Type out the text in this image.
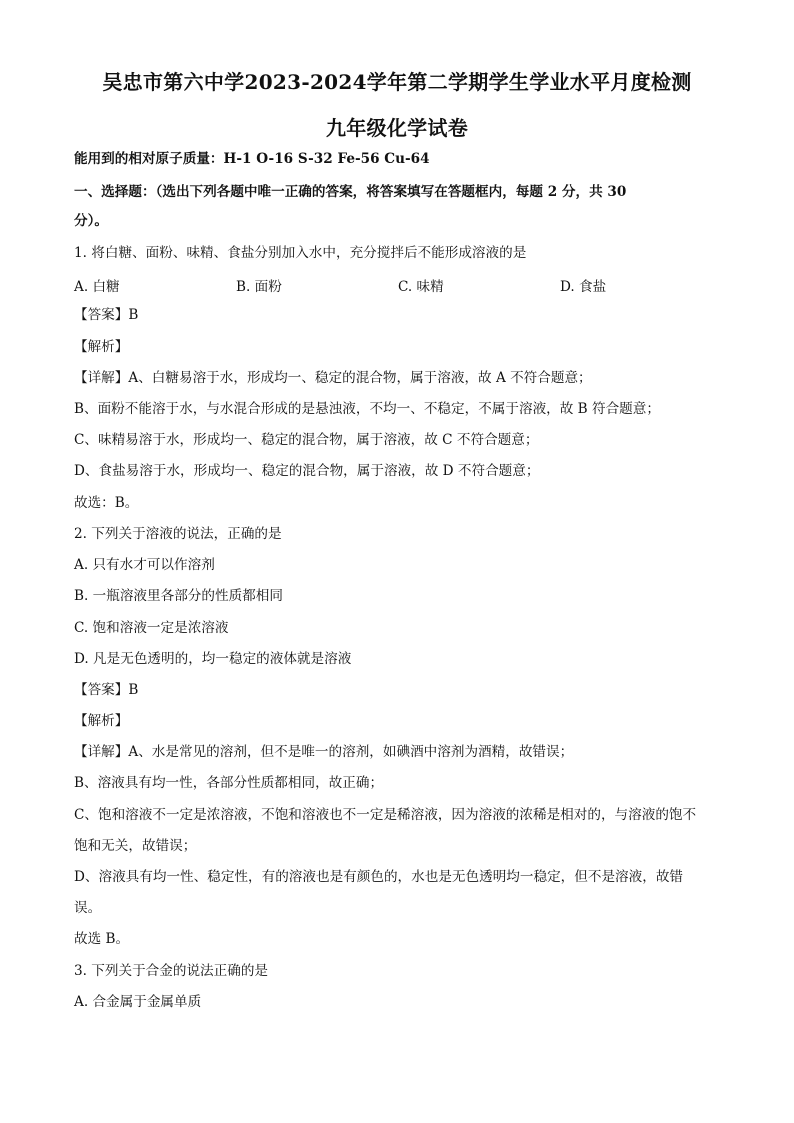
吴忠市第六中学2023-2024学年第二学期学生学业水平月度检测
九年级化学试卷
能用到的相对原子质量：H-1 O-16 S-32 Fe-56 Cu-64
一、选择题：（选出下列各题中唯一正确的答案，将答案填写在答题框内，每题 2 分，共 30
分）。
1. 将白糖、面粉、味精、食盐分别加入水中，充分搅拌后不能形成溶液的是
A. 白糖	B. 面粉	C. 味精	D. 食盐
【答案】B
【解析】
【详解】A、白糖易溶于水，形成均一、稳定的混合物，属于溶液，故 A 不符合题意；
B、面粉不能溶于水，与水混合形成的是悬浊液，不均一、不稳定，不属于溶液，故 B 符合题意；
C、味精易溶于水，形成均一、稳定的混合物，属于溶液，故 C 不符合题意；
D、食盐易溶于水，形成均一、稳定的混合物，属于溶液，故 D 不符合题意；
故选：B。
2. 下列关于溶液的说法，正确的是
A. 只有水才可以作溶剂
B. 一瓶溶液里各部分的性质都相同
C. 饱和溶液一定是浓溶液
D. 凡是无色透明的，均一稳定的液体就是溶液
【答案】B
【解析】
【详解】A、水是常见的溶剂，但不是唯一的溶剂，如碘酒中溶剂为酒精，故错误；
B、溶液具有均一性，各部分性质都相同，故正确；
C、饱和溶液不一定是浓溶液，不饱和溶液也不一定是稀溶液，因为溶液的浓稀是相对的，与溶液的饱不
饱和无关，故错误；
D、溶液具有均一性、稳定性，有的溶液也是有颜色的，水也是无色透明均一稳定，但不是溶液，故错
误。
故选 B。
3. 下列关于合金的说法正确的是
A. 合金属于金属单质
